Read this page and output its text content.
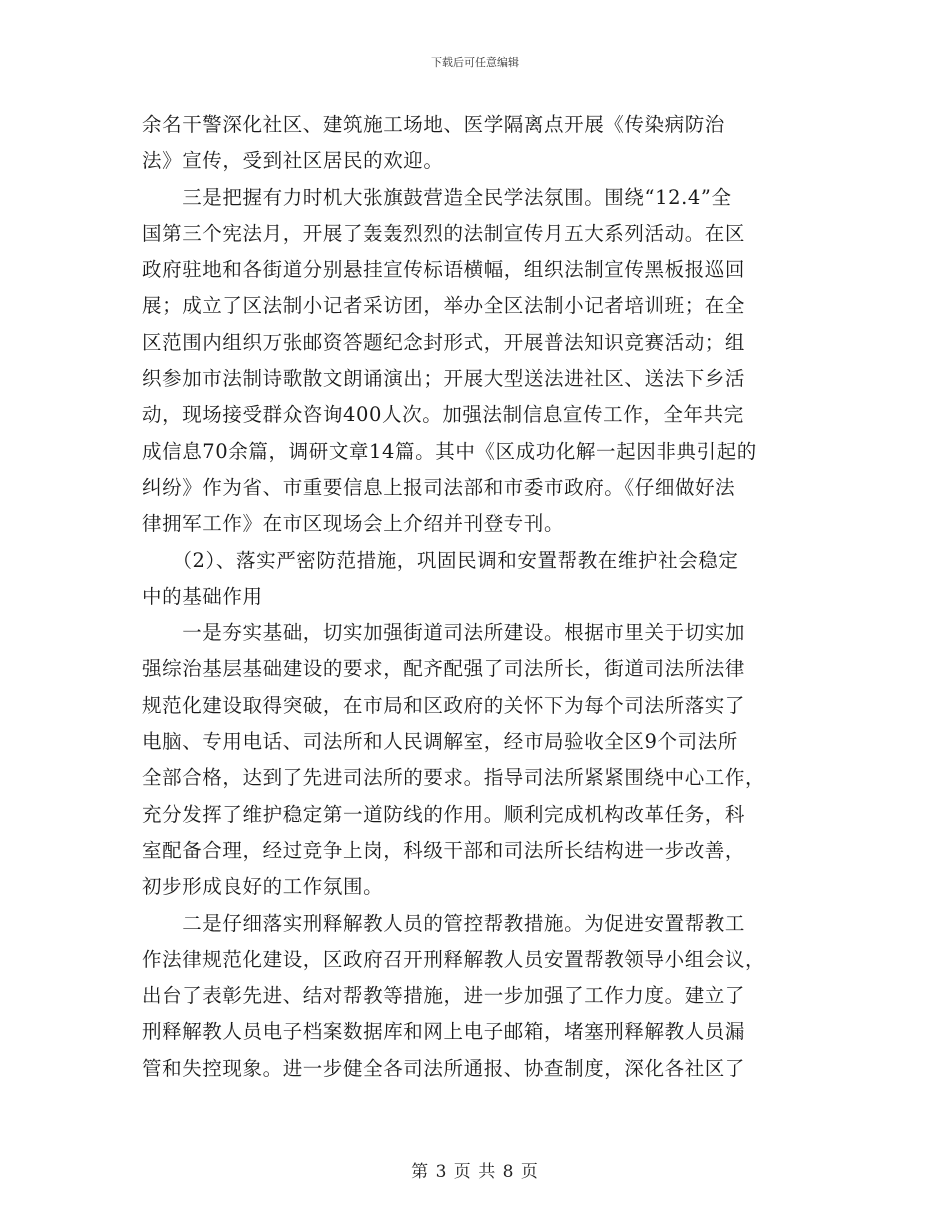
下载后可任意编辑

余名干警深化社区、建筑施工场地、医学隔离点开展《传染病防治
法》宣传，受到社区居民的欢迎。
　　三是把握有力时机大张旗鼓营造全民学法氛围。围绕“12.4”全
国第三个宪法月，开展了轰轰烈烈的法制宣传月五大系列活动。在区
政府驻地和各街道分别悬挂宣传标语横幅，组织法制宣传黑板报巡回
展；成立了区法制小记者采访团，举办全区法制小记者培训班；在全
区范围内组织万张邮资答题纪念封形式，开展普法知识竞赛活动；组
织参加市法制诗歌散文朗诵演出；开展大型送法进社区、送法下乡活
动，现场接受群众咨询400人次。加强法制信息宣传工作，全年共完
成信息70余篇，调研文章14篇。其中《区成功化解一起因非典引起的
纠纷》作为省、市重要信息上报司法部和市委市政府。《仔细做好法
律拥军工作》在市区现场会上介绍并刊登专刊。
　　（2）、落实严密防范措施，巩固民调和安置帮教在维护社会稳定
中的基础作用
　　一是夯实基础，切实加强街道司法所建设。根据市里关于切实加
强综治基层基础建设的要求，配齐配强了司法所长，街道司法所法律
规范化建设取得突破，在市局和区政府的关怀下为每个司法所落实了
电脑、专用电话、司法所和人民调解室，经市局验收全区9个司法所
全部合格，达到了先进司法所的要求。指导司法所紧紧围绕中心工作，
充分发挥了维护稳定第一道防线的作用。顺利完成机构改革任务，科
室配备合理，经过竞争上岗，科级干部和司法所长结构进一步改善，
初步形成良好的工作氛围。
　　二是仔细落实刑释解教人员的管控帮教措施。为促进安置帮教工
作法律规范化建设，区政府召开刑释解教人员安置帮教领导小组会议，
出台了表彰先进、结对帮教等措施，进一步加强了工作力度。建立了
刑释解教人员电子档案数据库和网上电子邮箱，堵塞刑释解教人员漏
管和失控现象。进一步健全各司法所通报、协查制度，深化各社区了

第 3 页 共 8 页
